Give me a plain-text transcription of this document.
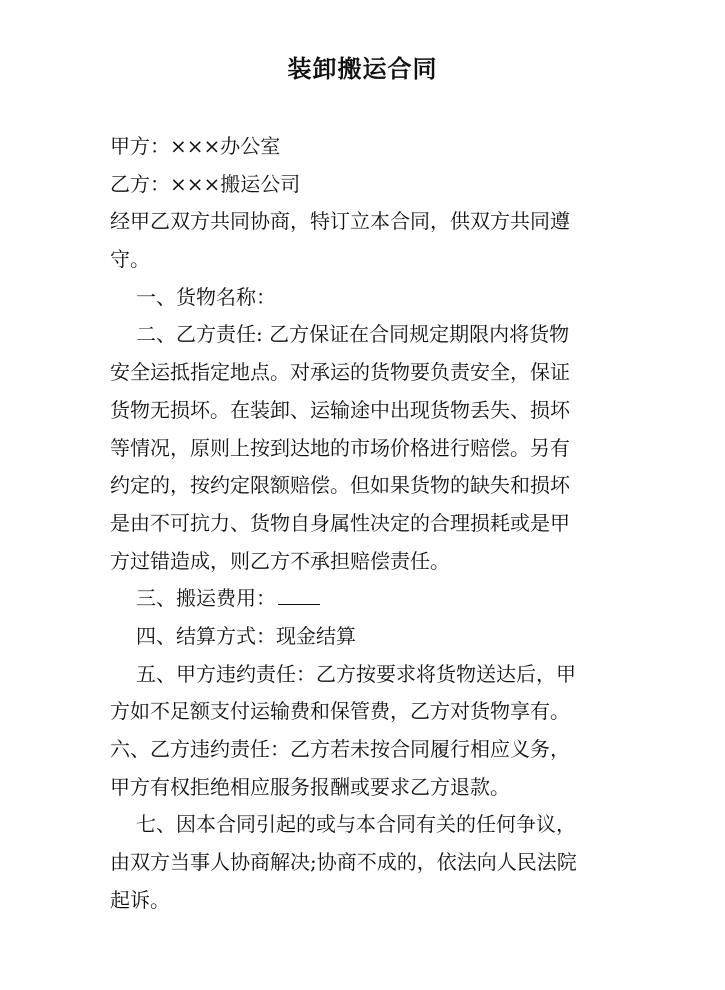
装卸搬运合同
甲方：×××办公室
乙方：×××搬运公司
经甲乙双方共同协商，特订立本合同，供双方共同遵
守。
一、货物名称：
二、乙方责任: 乙方保证在合同规定期限内将货物
安全运抵指定地点。对承运的货物要负责安全，保证
货物无损坏。在装卸、运输途中出现货物丢失、损坏
等情况，原则上按到达地的市场价格进行赔偿。另有
约定的，按约定限额赔偿。但如果货物的缺失和损坏
是由不可抗力、货物自身属性决定的合理损耗或是甲
方过错造成，则乙方不承担赔偿责任。
三、搬运费用：
四、结算方式：现金结算
五、甲方违约责任：乙方按要求将货物送达后，甲
方如不足额支付运输费和保管费，乙方对货物享有。
六、乙方违约责任：乙方若未按合同履行相应义务，
甲方有权拒绝相应服务报酬或要求乙方退款。
七、因本合同引起的或与本合同有关的任何争议，
由双方当事人协商解决;协商不成的，依法向人民法院
起诉。
